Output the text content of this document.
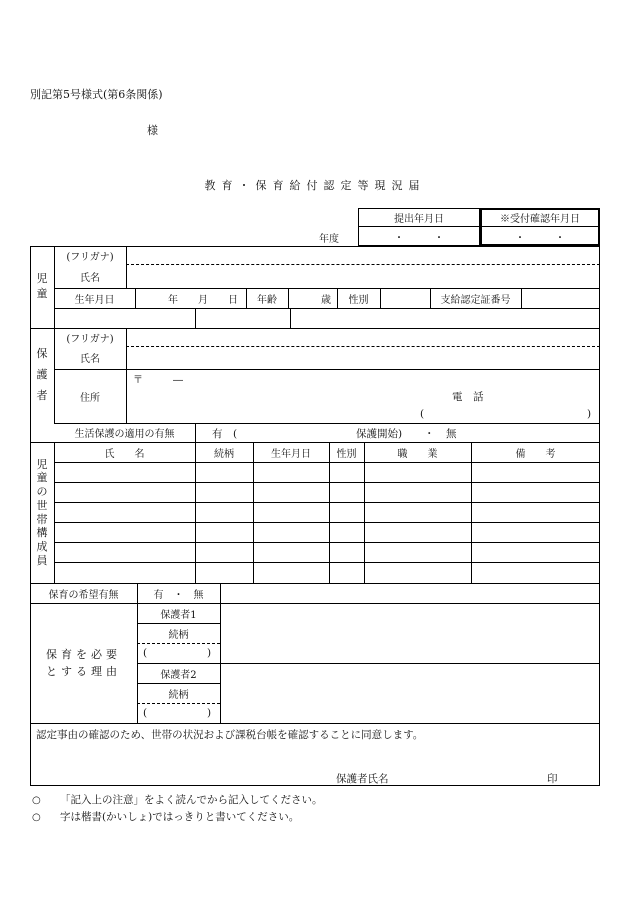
別記第5号様式(第6条関係)
様
教育・保育給付認定等現況届
年度
提出年月日
・　　　・
※受付確認年月日
・　　　・
児
童
(フリガナ)
氏名
生年月日	年　　月　　日	年齢	歳	性別	支給認定証番号
保
護
者
(フリガナ)
氏名
住所
〒　　　―
電　話
(	)
生活保護の適用の有無	有　(	保護開始) ・ 無
児
童
の
世
帯
構
成
員
氏　　名	続柄	生年月日	性別	職　　業	備　　考
保育の希望有無	有　・　無
保育を必要
とする理由
保護者1
続柄
(	)
保護者2
続柄
(	)
認定事由の確認のため、世帯の状況および課税台帳を確認することに同意します。
保護者氏名	印
○ 「記入上の注意」をよく読んでから記入してください。
○ 字は楷書(かいしょ)ではっきりと書いてください。
